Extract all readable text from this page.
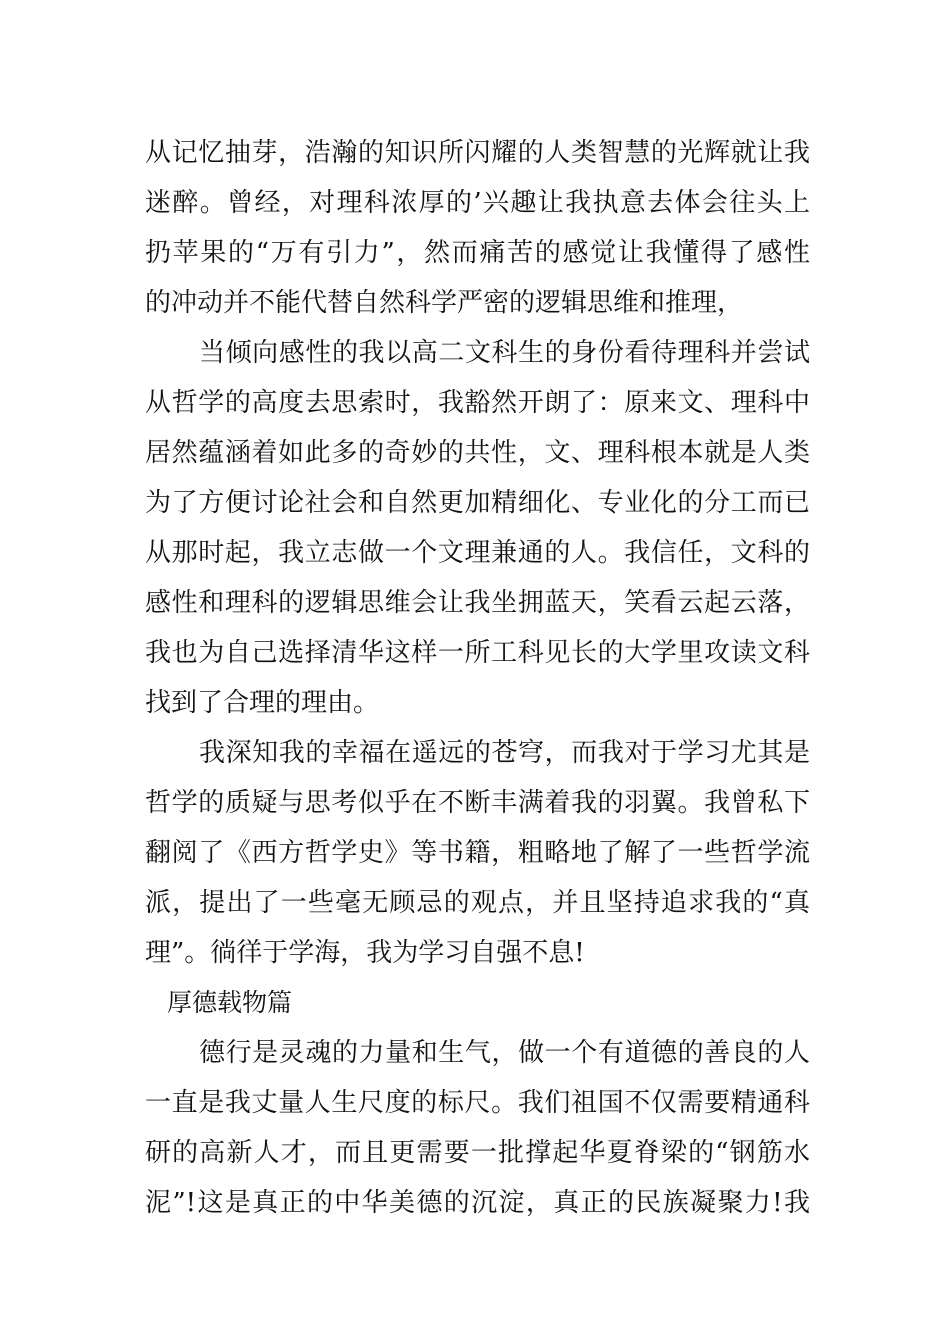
从记忆抽芽，浩瀚的知识所闪耀的人类智慧的光辉就让我
迷醉。曾经，对理科浓厚的’兴趣让我执意去体会往头上
扔苹果的“万有引力”，然而痛苦的感觉让我懂得了感性
的冲动并不能代替自然科学严密的逻辑思维和推理，
当倾向感性的我以高二文科生的身份看待理科并尝试
从哲学的高度去思索时，我豁然开朗了：原来文、理科中
居然蕴涵着如此多的奇妙的共性，文、理科根本就是人类
为了方便讨论社会和自然更加精细化、专业化的分工而已
从那时起，我立志做一个文理兼通的人。我信任，文科的
感性和理科的逻辑思维会让我坐拥蓝天，笑看云起云落，
我也为自己选择清华这样一所工科见长的大学里攻读文科
找到了合理的理由。
我深知我的幸福在遥远的苍穹，而我对于学习尤其是
哲学的质疑与思考似乎在不断丰满着我的羽翼。我曾私下
翻阅了《西方哲学史》等书籍，粗略地了解了一些哲学流
派，提出了一些毫无顾忌的观点，并且坚持追求我的“真
理”。徜徉于学海，我为学习自强不息!
厚德载物篇
德行是灵魂的力量和生气，做一个有道德的善良的人
一直是我丈量人生尺度的标尺。我们祖国不仅需要精通科
研的高新人才，而且更需要一批撑起华夏脊梁的“钢筋水
泥”!这是真正的中华美德的沉淀，真正的民族凝聚力!我
